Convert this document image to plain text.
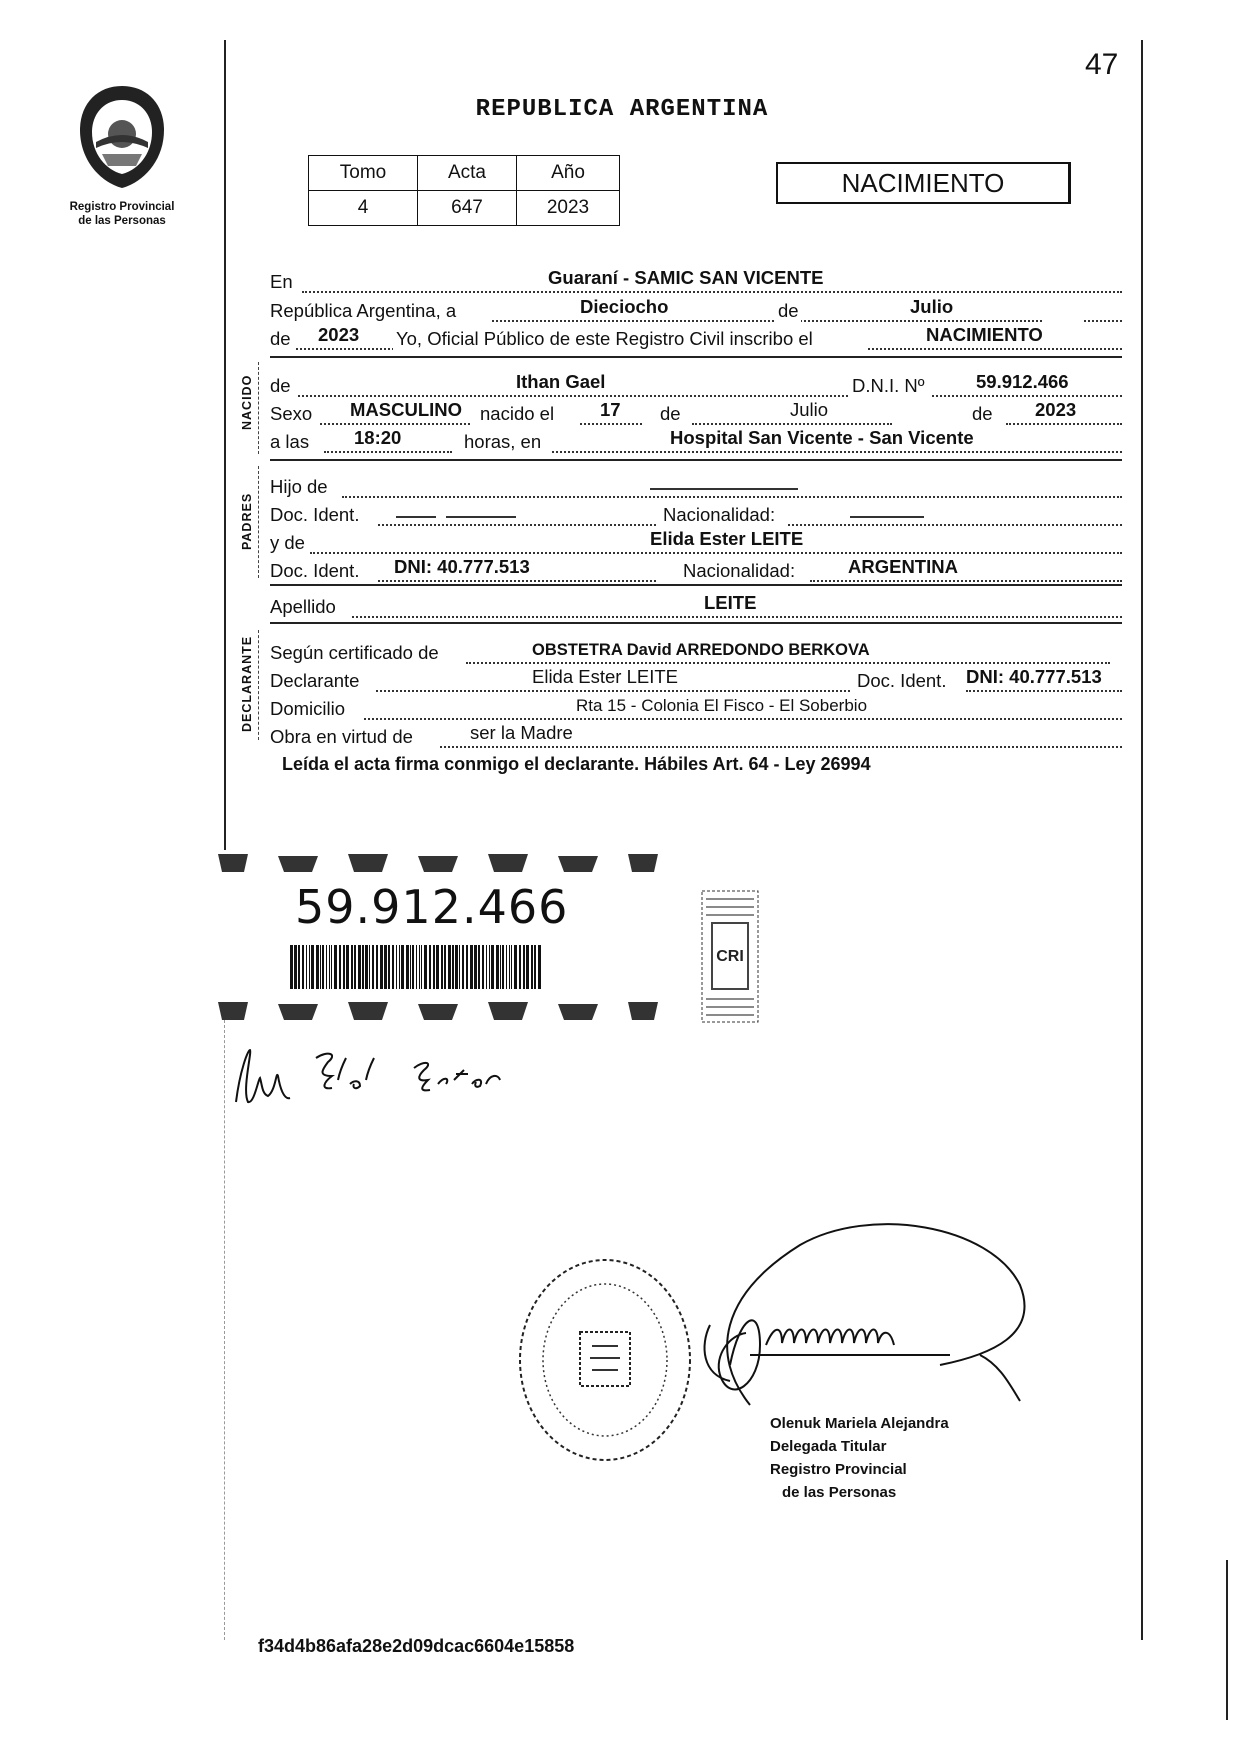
47
Registro Provincial
de las Personas
REPUBLICA ARGENTINA
Tomo	Acta	Año
4	647	2023
NACIMIENTO
En	Guaraní - SAMIC SAN VICENTE
República Argentina, a	Dieciocho	de	Julio
de 2023 Yo, Oficial Público de este Registro Civil inscribo el	NACIMIENTO
NACIDO de	Ithan Gael	D.N.I. Nº	59.912.466
Sexo MASCULINO nacido el 17 de	Julio	de 2023
a las 18:20	horas, en	Hospital San Vicente - San Vicente
PADRES
Hijo de
Doc. Ident.	Nacionalidad:
y de	Elida Ester LEITE
Doc. Ident. DNI: 40.777.513	Nacionalidad:	ARGENTINA
Apellido	LEITE
DECLARANTE Según certificado de	OBSTETRA David ARREDONDO BERKOVA
Declarante	Elida Ester LEITE	Doc. Ident. DNI: 40.777.513
Domicilio	Rta 15 - Colonia El Fisco - El Soberbio
Obra en virtud de	ser la Madre
Leída el acta firma conmigo el declarante. Hábiles Art. 64 - Ley 26994
59.912.466
CRI
Olenuk Mariela Alejandra
Delegada Titular
Registro Provincial
de las Personas
f34d4b86afa28e2d09dcac6604e15858
